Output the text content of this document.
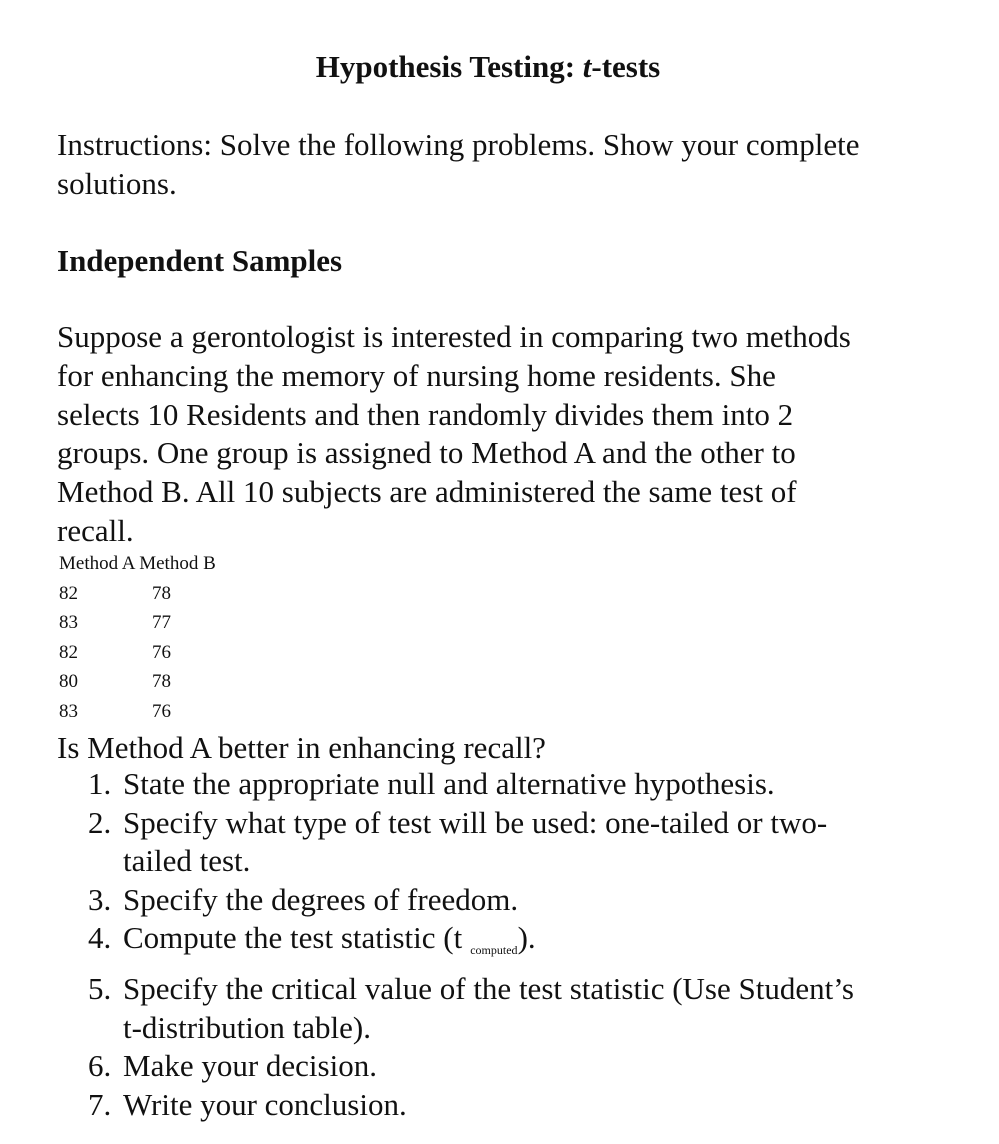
Hypothesis Testing: t-tests
Instructions: Solve the following problems. Show your complete
solutions.
Independent Samples
Suppose a gerontologist is interested in comparing two methods
for enhancing the memory of nursing home residents. She
selects 10 Residents and then randomly divides them into 2
groups. One group is assigned to Method A and the other to
Method B. All 10 subjects are administered the same test of
recall.
Method A Method B
82	78
83	77
82	76
80	78
83	76
Is Method A better in enhancing recall?
1. State the appropriate null and alternative hypothesis.
2. Specify what type of test will be used: one-tailed or two-
tailed test.
3. Specify the degrees of freedom.
4. Compute the test statistic (t computed).
5. Specify the critical value of the test statistic (Use Student’s
t-distribution table).
6. Make your decision.
7. Write your conclusion.
